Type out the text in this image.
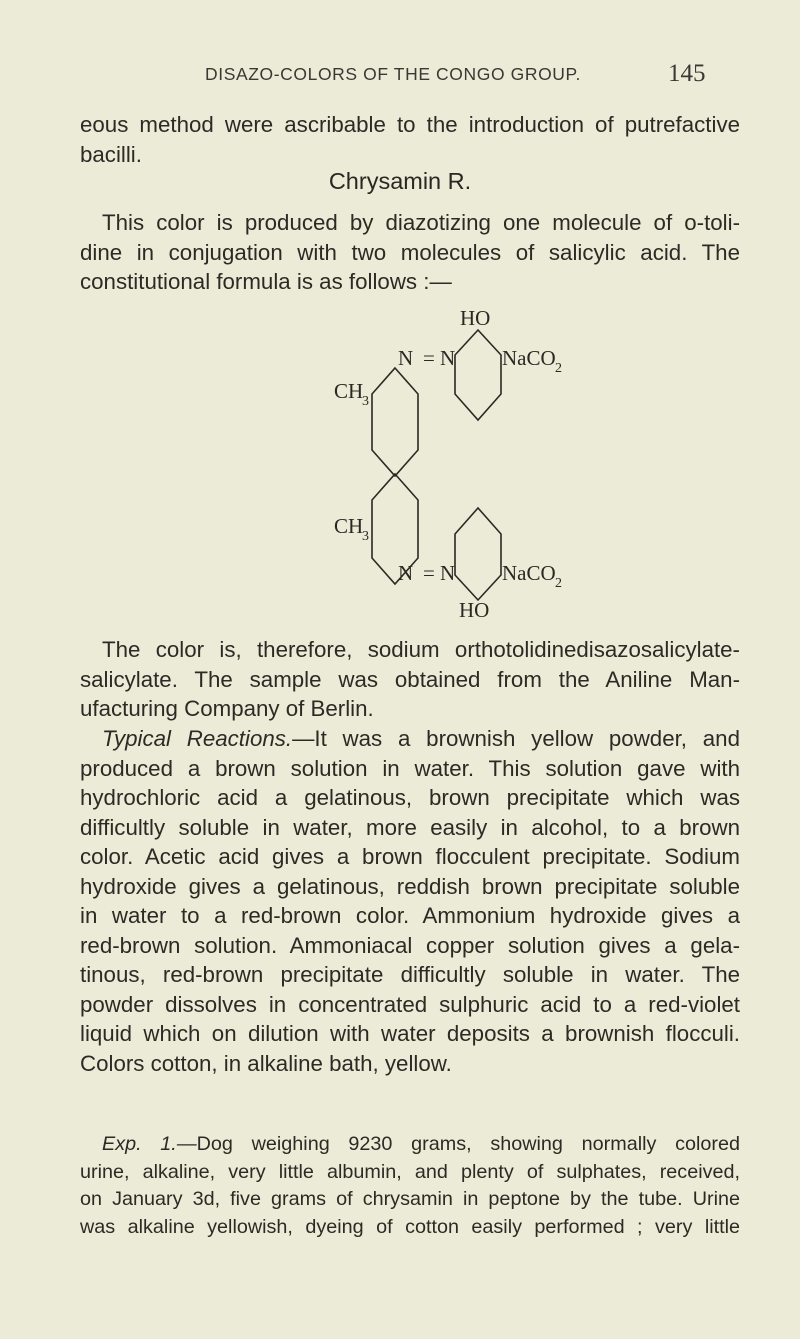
DISAZO-COLORS OF THE CONGO GROUP.	145

eous method were ascribable to the introduction of putrefactive

bacilli.

Chrysamin R.

This color is produced by diazotizing one molecule of o-toli-

dine in conjugation with two molecules of salicylic acid. The

constitutional formula is as follows :—

HO
N = N NaCO 2
CH
3
CH
3
N = N NaCO 2
HO

The color is, therefore, sodium orthotolidinedisazosalicylate-

salicylate. The sample was obtained from the Aniline Man-

ufacturing Company of Berlin.

Typical Reactions.—It was a brownish yellow powder, and

produced a brown solution in water. This solution gave with

hydrochloric acid a gelatinous, brown precipitate which was

difficultly soluble in water, more easily in alcohol, to a brown

color. Acetic acid gives a brown flocculent precipitate. Sodium

hydroxide gives a gelatinous, reddish brown precipitate soluble

in water to a red-brown color. Ammonium hydroxide gives a

red-brown solution. Ammoniacal copper solution gives a gela-

tinous, red-brown precipitate difficultly soluble in water. The

powder dissolves in concentrated sulphuric acid to a red-violet

liquid which on dilution with water deposits a brownish flocculi.

Colors cotton, in alkaline bath, yellow.

Exp. 1.—Dog weighing 9230 grams, showing normally colored

urine, alkaline, very little albumin, and plenty of sulphates, received,

on January 3d, five grams of chrysamin in peptone by the tube. Urine

was alkaline yellowish, dyeing of cotton easily performed ; very little
